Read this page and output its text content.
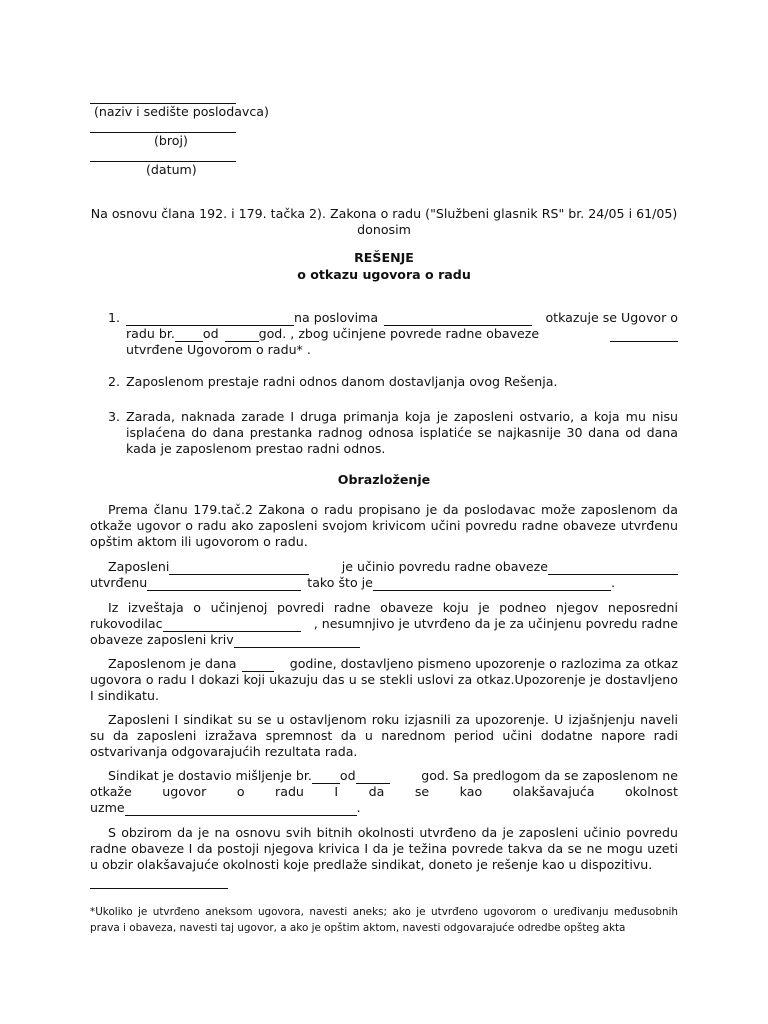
(naziv i sedište poslodavca)
(broj)
(datum)
Na osnovu člana 192. i 179. tačka 2). Zakona o radu ("Službeni glasnik RS" br. 24/05 i 61/05)
donosim
REŠENJE
o otkazu ugovora o radu
1.	na poslovima	otkazuje se Ugovor o
radu br. od	god. , zbog učinjene povrede radne obaveze
utvrđene Ugovorom o radu* .
2. Zaposlenom prestaje radni odnos danom dostavljanja ovog Rešenja.
3. Zarada, naknada zarade I druga primanja koja je zaposleni ostvario, a koja mu nisu isplaćena do dana prestanka radnog odnosa isplatiće se najkasnije 30 dana od dana kada je zaposlenom prestao radni odnos.
Obrazloženje
Prema članu 179.tač.2 Zakona o radu propisano je da poslodavac može zaposlenom da otkaže ugovor o radu ako zaposleni svojom krivicom učini povredu radne obaveze utvrđenu opštim aktom ili ugovorom o radu.
Zaposleni	je učinio povredu radne obaveze
utvrđenu	tako što je	.
Iz izveštaja o učinjenoj povredi radne obaveze koju je podneo njegov neposredni
rukovodilac	, nesumnjivo je utvrđeno da je za učinjenu povredu radne
obaveze zaposleni kriv
Zaposlenom je dana	godine, dostavljeno pismeno upozorenje o razlozima za otkaz
ugovora o radu I dokazi koji ukazuju das u se stekli uslovi za otkaz.Upozorenje je dostavljeno
I sindikatu.
Zaposleni I sindikat su se u ostavljenom roku izjasnili za upozorenje. U izjašnjenju naveli su da zaposleni izražava spremnost da u narednom period učini dodatne napore radi ostvarivanja odgovarajućih rezultata rada.
Sindikat je dostavio mišljenje br. od	god. Sa predlogom da se zaposlenom ne
otkaže ugovor o radu I da se kao olakšavajuća okolnost
uzme	.
S obzirom da je na osnovu svih bitnih okolnosti utvrđeno da je zaposleni učinio povredu radne obaveze I da postoji njegova krivica I da je težina povrede takva da se ne mogu uzeti u obzir olakšavajuće okolnosti koje predlaže sindikat, doneto je rešenje kao u dispozitivu.
*Ukoliko je utvrđeno aneksom ugovora, navesti aneks; ako je utvrđeno ugovorom o uređivanju međusobnih prava i obaveza, navesti taj ugovor, a ako je opštim aktom, navesti odgovarajuće odredbe opšteg akta
